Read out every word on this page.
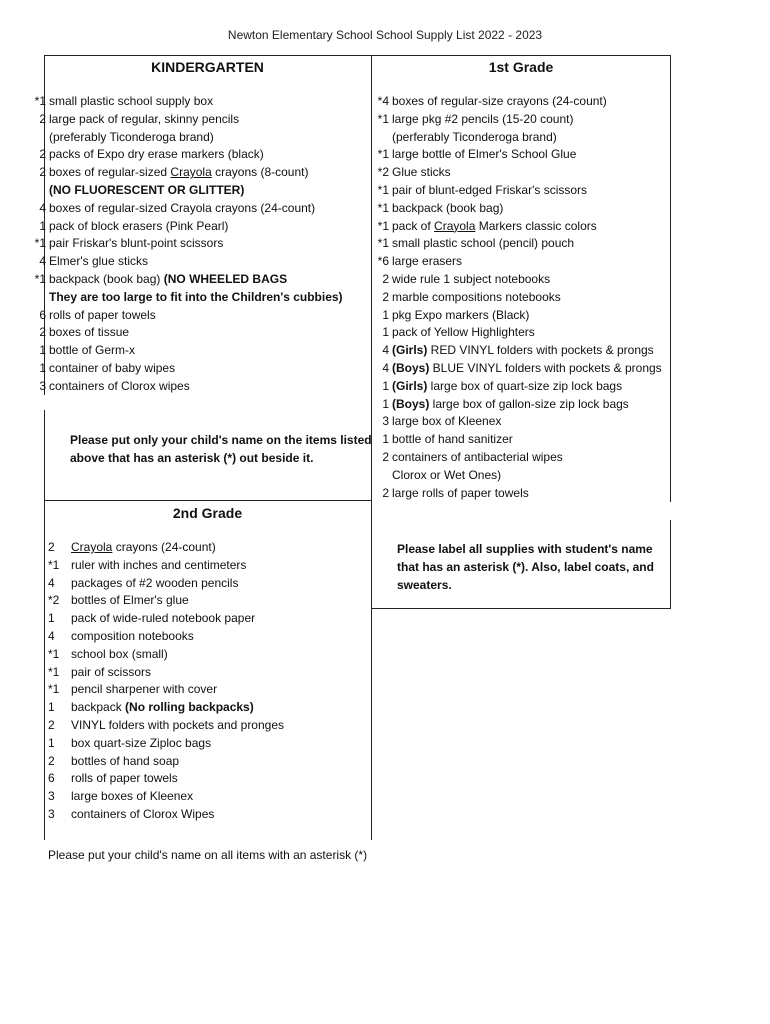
Newton Elementary School School Supply List 2022 - 2023
KINDERGARTEN	1st Grade
2nd Grade
*1 small plastic school supply box
2 large pack of regular, skinny pencils
(preferably Ticonderoga brand)
2 packs of Expo dry erase markers (black)
2 boxes of regular-sized Crayola crayons (8-count)
(NO FLUORESCENT OR GLITTER)
4 boxes of regular-sized Crayola crayons (24-count)
1 pack of block erasers (Pink Pearl)
*1 pair Friskar's blunt-point scissors
4 Elmer's glue sticks
*1 backpack (book bag) (NO WHEELED BAGS
They are too large to fit into the Children's cubbies)
6 rolls of paper towels
2 boxes of tissue
1 bottle of Germ-x
1 container of baby wipes
3 containers of Clorox wipes
*4 boxes of regular-size crayons (24-count)
*1 large pkg #2 pencils (15-20 count)
(perferably Ticonderoga brand)
*1 large bottle of Elmer's School Glue
*2 Glue sticks
*1 pair of blunt-edged Friskar's scissors
*1 backpack (book bag)
*1 pack of Crayola Markers classic colors
*1 small plastic school (pencil) pouch
*6 large erasers
2 wide rule 1 subject notebooks
2 marble compositions notebooks
1 pkg Expo markers (Black)
1 pack of Yellow Highlighters
4 (Girls) RED VINYL folders with pockets & prongs
4 (Boys) BLUE VINYL folders with pockets & prongs
1 (Girls) large box of quart-size zip lock bags
1 (Boys) large box of gallon-size zip lock bags
3 large box of Kleenex
1 bottle of hand sanitizer
2 containers of antibacterial wipes
Clorox or Wet Ones)
2 large rolls of paper towels
2 Crayola crayons (24-count)
*1 ruler with inches and centimeters
4 packages of #2 wooden pencils
*2 bottles of Elmer's glue
1 pack of wide-ruled notebook paper
4 composition notebooks
*1 school box (small)
*1 pair of scissors
*1 pencil sharpener with cover
1 backpack (No rolling backpacks)
2 VINYL folders with pockets and pronges
1 box quart-size Ziploc bags
2 bottles of hand soap
6 rolls of paper towels
3 large boxes of Kleenex
3 containers of Clorox Wipes
Please put only your child's name on the items listed
above that has an asterisk (*) out beside it.
Please label all supplies with student's name
that has an asterisk (*). Also, label coats, and
sweaters.
Please put your child's name on all items with an asterisk (*)
